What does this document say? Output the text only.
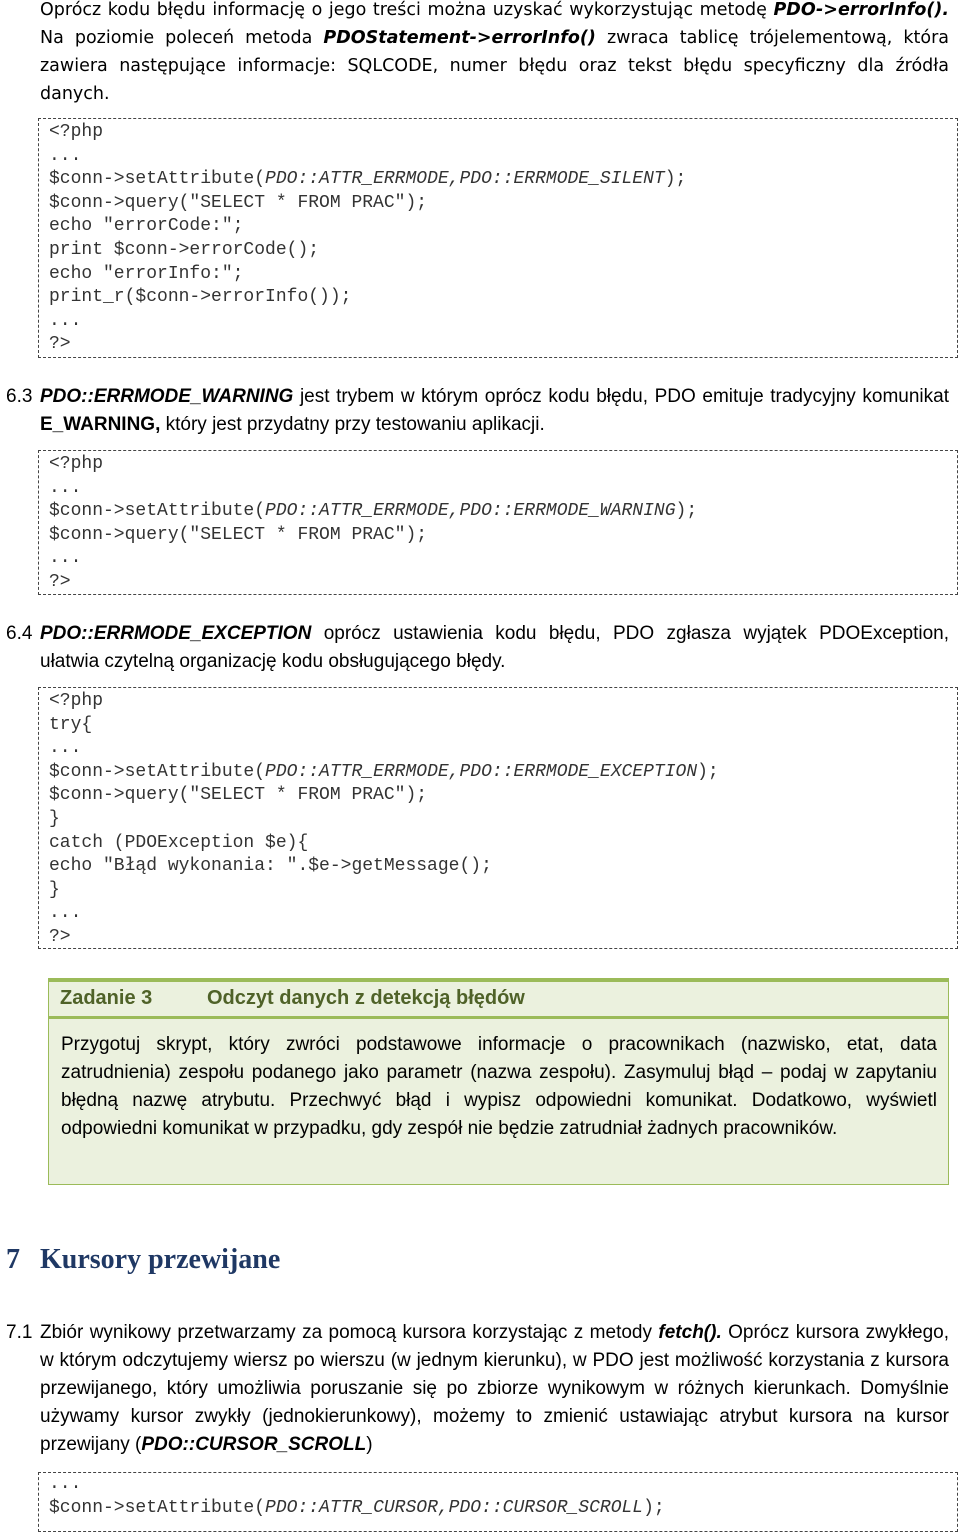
Oprócz kodu błędu informację o jego treści można uzyskać wykorzystując metodę PDO->errorInfo(). Na poziomie poleceń metoda PDOStatement->errorInfo() zwraca tablicę trójelementową, która zawiera następujące informacje: SQLCODE, numer błędu oraz tekst błędu specyficzny dla źródła danych.
<?php
...
$conn->setAttribute(PDO::ATTR_ERRMODE,PDO::ERRMODE_SILENT);
$conn->query("SELECT * FROM PRAC");
echo "errorCode:";
print $conn->errorCode();
echo "errorInfo:";
print_r($conn->errorInfo());
...
?>
6.3 PDO::ERRMODE_WARNING jest trybem w którym oprócz kodu błędu, PDO emituje tradycyjny komunikat E_WARNING, który jest przydatny przy testowaniu aplikacji.
<?php
...
$conn->setAttribute(PDO::ATTR_ERRMODE,PDO::ERRMODE_WARNING);
$conn->query("SELECT * FROM PRAC");
...
?>
6.4 PDO::ERRMODE_EXCEPTION oprócz ustawienia kodu błędu, PDO zgłasza wyjątek PDOException, ułatwia czytelną organizację kodu obsługującego błędy.
<?php
try{
...
$conn->setAttribute(PDO::ATTR_ERRMODE,PDO::ERRMODE_EXCEPTION);
$conn->query("SELECT * FROM PRAC");
}
catch (PDOException $e){
echo "Błąd wykonania: ".$e->getMessage();
}
...
?>
Zadanie 3	Odczyt danych z detekcją błędów
Przygotuj skrypt, który zwróci podstawowe informacje o pracownikach (nazwisko, etat, data zatrudnienia) zespołu podanego jako parametr (nazwa zespołu). Zasymuluj błąd – podaj w zapytaniu błędną nazwę atrybutu. Przechwyć błąd i wypisz odpowiedni komunikat. Dodatkowo, wyświetl odpowiedni komunikat w przypadku, gdy zespół nie będzie zatrudniał żadnych pracowników.
7 Kursory przewijane
7.1 Zbiór wynikowy przetwarzamy za pomocą kursora korzystając z metody fetch(). Oprócz kursora zwykłego, w którym odczytujemy wiersz po wierszu (w jednym kierunku), w PDO jest możliwość korzystania z kursora przewijanego, który umożliwia poruszanie się po zbiorze wynikowym w różnych kierunkach. Domyślnie używamy kursor zwykły (jednokierunkowy), możemy to zmienić ustawiając atrybut kursora na kursor przewijany (PDO::CURSOR_SCROLL)
...
$conn->setAttribute(PDO::ATTR_CURSOR,PDO::CURSOR_SCROLL);
